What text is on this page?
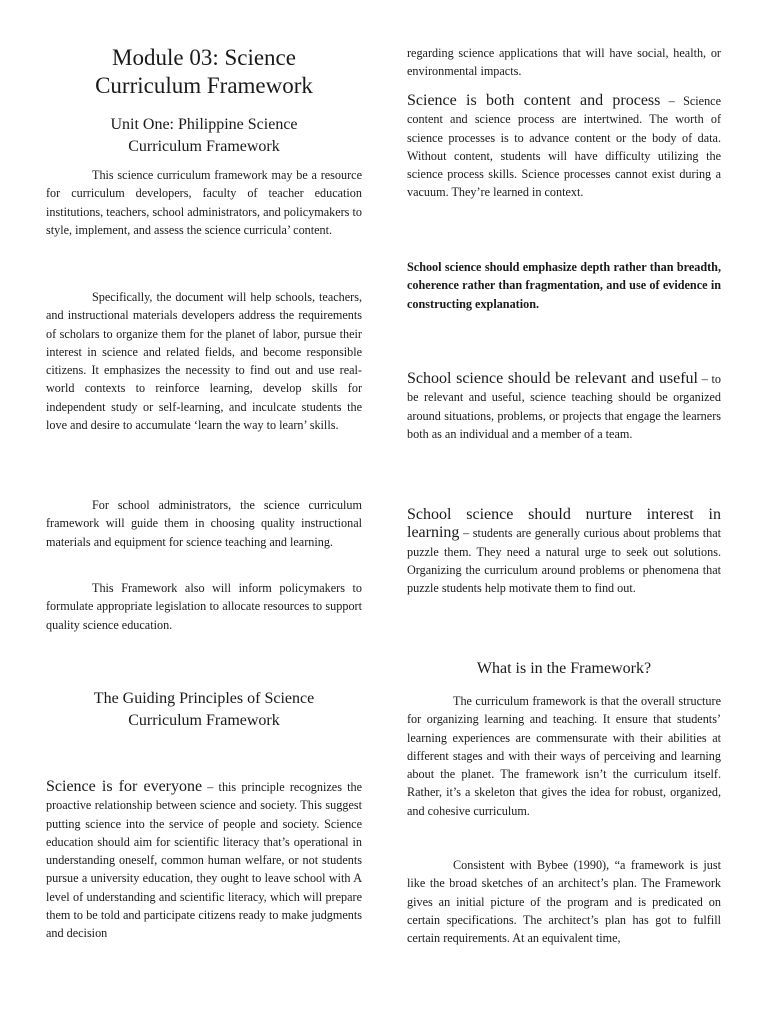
Module 03: Science Curriculum Framework
Unit One: Philippine Science Curriculum Framework

This science curriculum framework may be a resource for curriculum developers, faculty of teacher education institutions, teachers, school administrators, and policymakers to style, implement, and assess the science curricula’ content.

Specifically, the document will help schools, teachers, and instructional materials developers address the requirements of scholars to organize them for the planet of labor, pursue their interest in science and related fields, and become responsible citizens. It emphasizes the necessity to find out and use real-world contexts to reinforce learning, develop skills for independent study or self-learning, and inculcate students the love and desire to accumulate ‘learn the way to learn’ skills.

For school administrators, the science curriculum framework will guide them in choosing quality instructional materials and equipment for science teaching and learning.

This Framework also will inform policymakers to formulate appropriate legislation to allocate resources to support quality science education.

The Guiding Principles of Science Curriculum Framework

Science is for everyone – this principle recognizes the proactive relationship between science and society. This suggest putting science into the service of people and society. Science education should aim for scientific literacy that’s operational in understanding oneself, common human welfare, or not students pursue a university education, they ought to leave school with A level of understanding and scientific literacy, which will prepare them to be told and participate citizens ready to make judgments and decision

regarding science applications that will have social, health, or environmental impacts.

Science is both content and process – Science content and science process are intertwined. The worth of science processes is to advance content or the body of data. Without content, students will have difficulty utilizing the science process skills. Science processes cannot exist during a vacuum. They’re learned in context.

School science should emphasize depth rather than breadth, coherence rather than fragmentation, and use of evidence in constructing explanation.

School science should be relevant and useful – to be relevant and useful, science teaching should be organized around situations, problems, or projects that engage the learners both as an individual and a member of a team.

School science should nurture interest in learning – students are generally curious about problems that puzzle them. They need a natural urge to seek out solutions. Organizing the curriculum around problems or phenomena that puzzle students help motivate them to find out.

What is in the Framework?

The curriculum framework is that the overall structure for organizing learning and teaching. It ensure that students’ learning experiences are commensurate with their abilities at different stages and with their ways of perceiving and learning about the planet. The framework isn’t the curriculum itself. Rather, it’s a skeleton that gives the idea for robust, organized, and cohesive curriculum.

Consistent with Bybee (1990), “a framework is just like the broad sketches of an architect’s plan. The Framework gives an initial picture of the program and is predicated on certain specifications. The architect’s plan has got to fulfill certain requirements. At an equivalent time,
